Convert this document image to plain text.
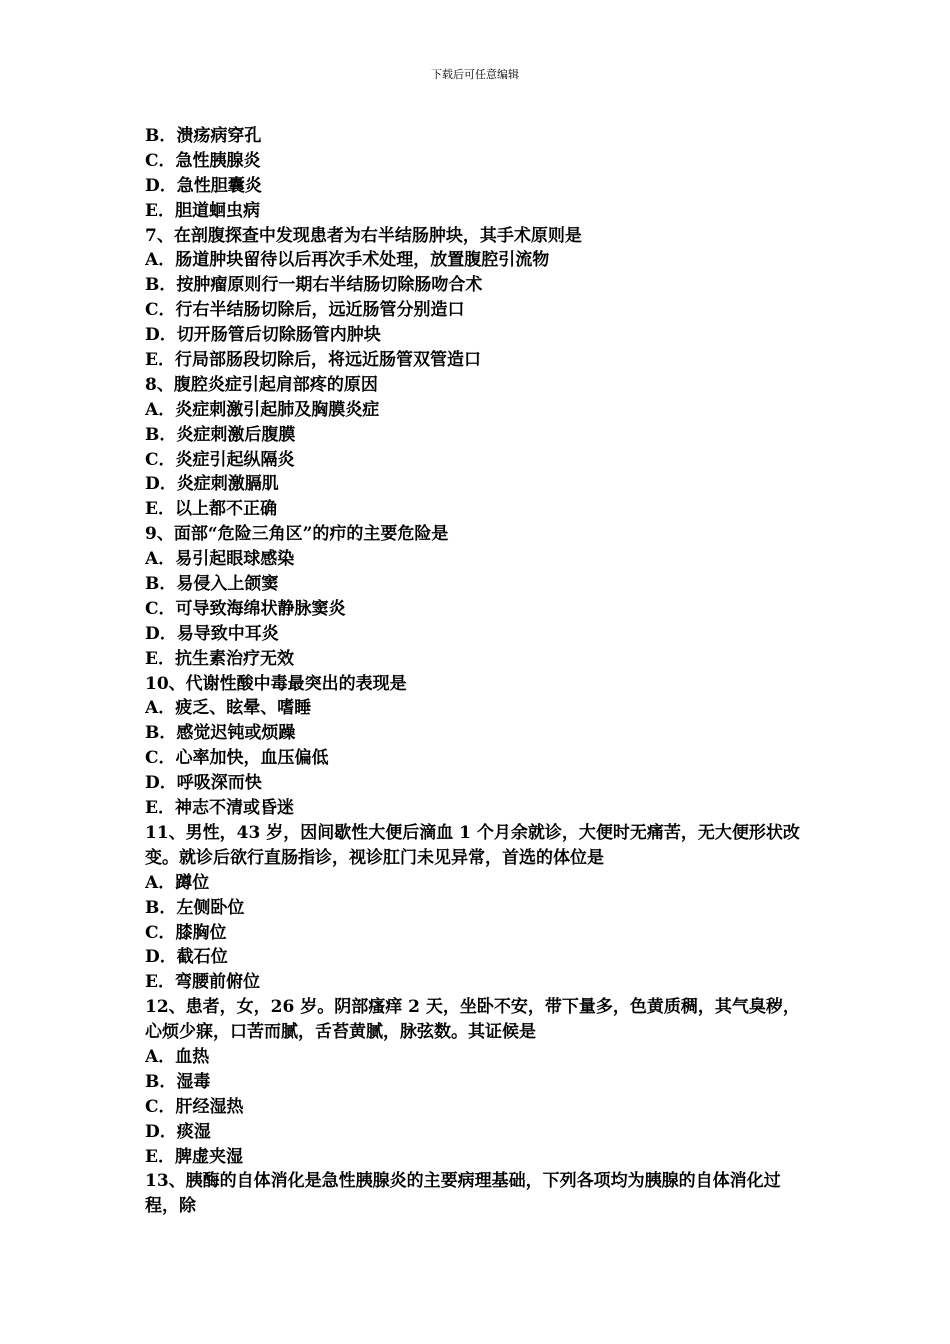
下载后可任意编辑
B．溃疡病穿孔
C．急性胰腺炎
D．急性胆囊炎
E．胆道蛔虫病
7、在剖腹探查中发现患者为右半结肠肿块，其手术原则是
A．肠道肿块留待以后再次手术处理，放置腹腔引流物
B．按肿瘤原则行一期右半结肠切除肠吻合术
C．行右半结肠切除后，远近肠管分别造口
D．切开肠管后切除肠管内肿块
E．行局部肠段切除后，将远近肠管双管造口
8、腹腔炎症引起肩部疼的原因
A．炎症刺激引起肺及胸膜炎症
B．炎症刺激后腹膜
C．炎症引起纵隔炎
D．炎症刺激膈肌
E．以上都不正确
9、面部“危险三角区”的疖的主要危险是
A．易引起眼球感染
B．易侵入上颌窦
C．可导致海绵状静脉窦炎
D．易导致中耳炎
E．抗生素治疗无效
10、代谢性酸中毒最突出的表现是
A．疲乏、眩晕、嗜睡
B．感觉迟钝或烦躁
C．心率加快，血压偏低
D．呼吸深而快
E．神志不清或昏迷
11、男性，43 岁，因间歇性大便后滴血 1 个月余就诊，大便时无痛苦，无大便形状改变。就诊后欲行直肠指诊，视诊肛门未见异常，首选的体位是
A．蹲位
B．左侧卧位
C．膝胸位
D．截石位
E．弯腰前俯位
12、患者，女，26 岁。阴部瘙痒 2 天，坐卧不安，带下量多，色黄质稠，其气臭秽，心烦少寐，口苦而腻，舌苔黄腻，脉弦数。其证候是
A．血热
B．湿毒
C．肝经湿热
D．痰湿
E．脾虚夹湿
13、胰酶的自体消化是急性胰腺炎的主要病理基础，下列各项均为胰腺的自体消化过程，除
